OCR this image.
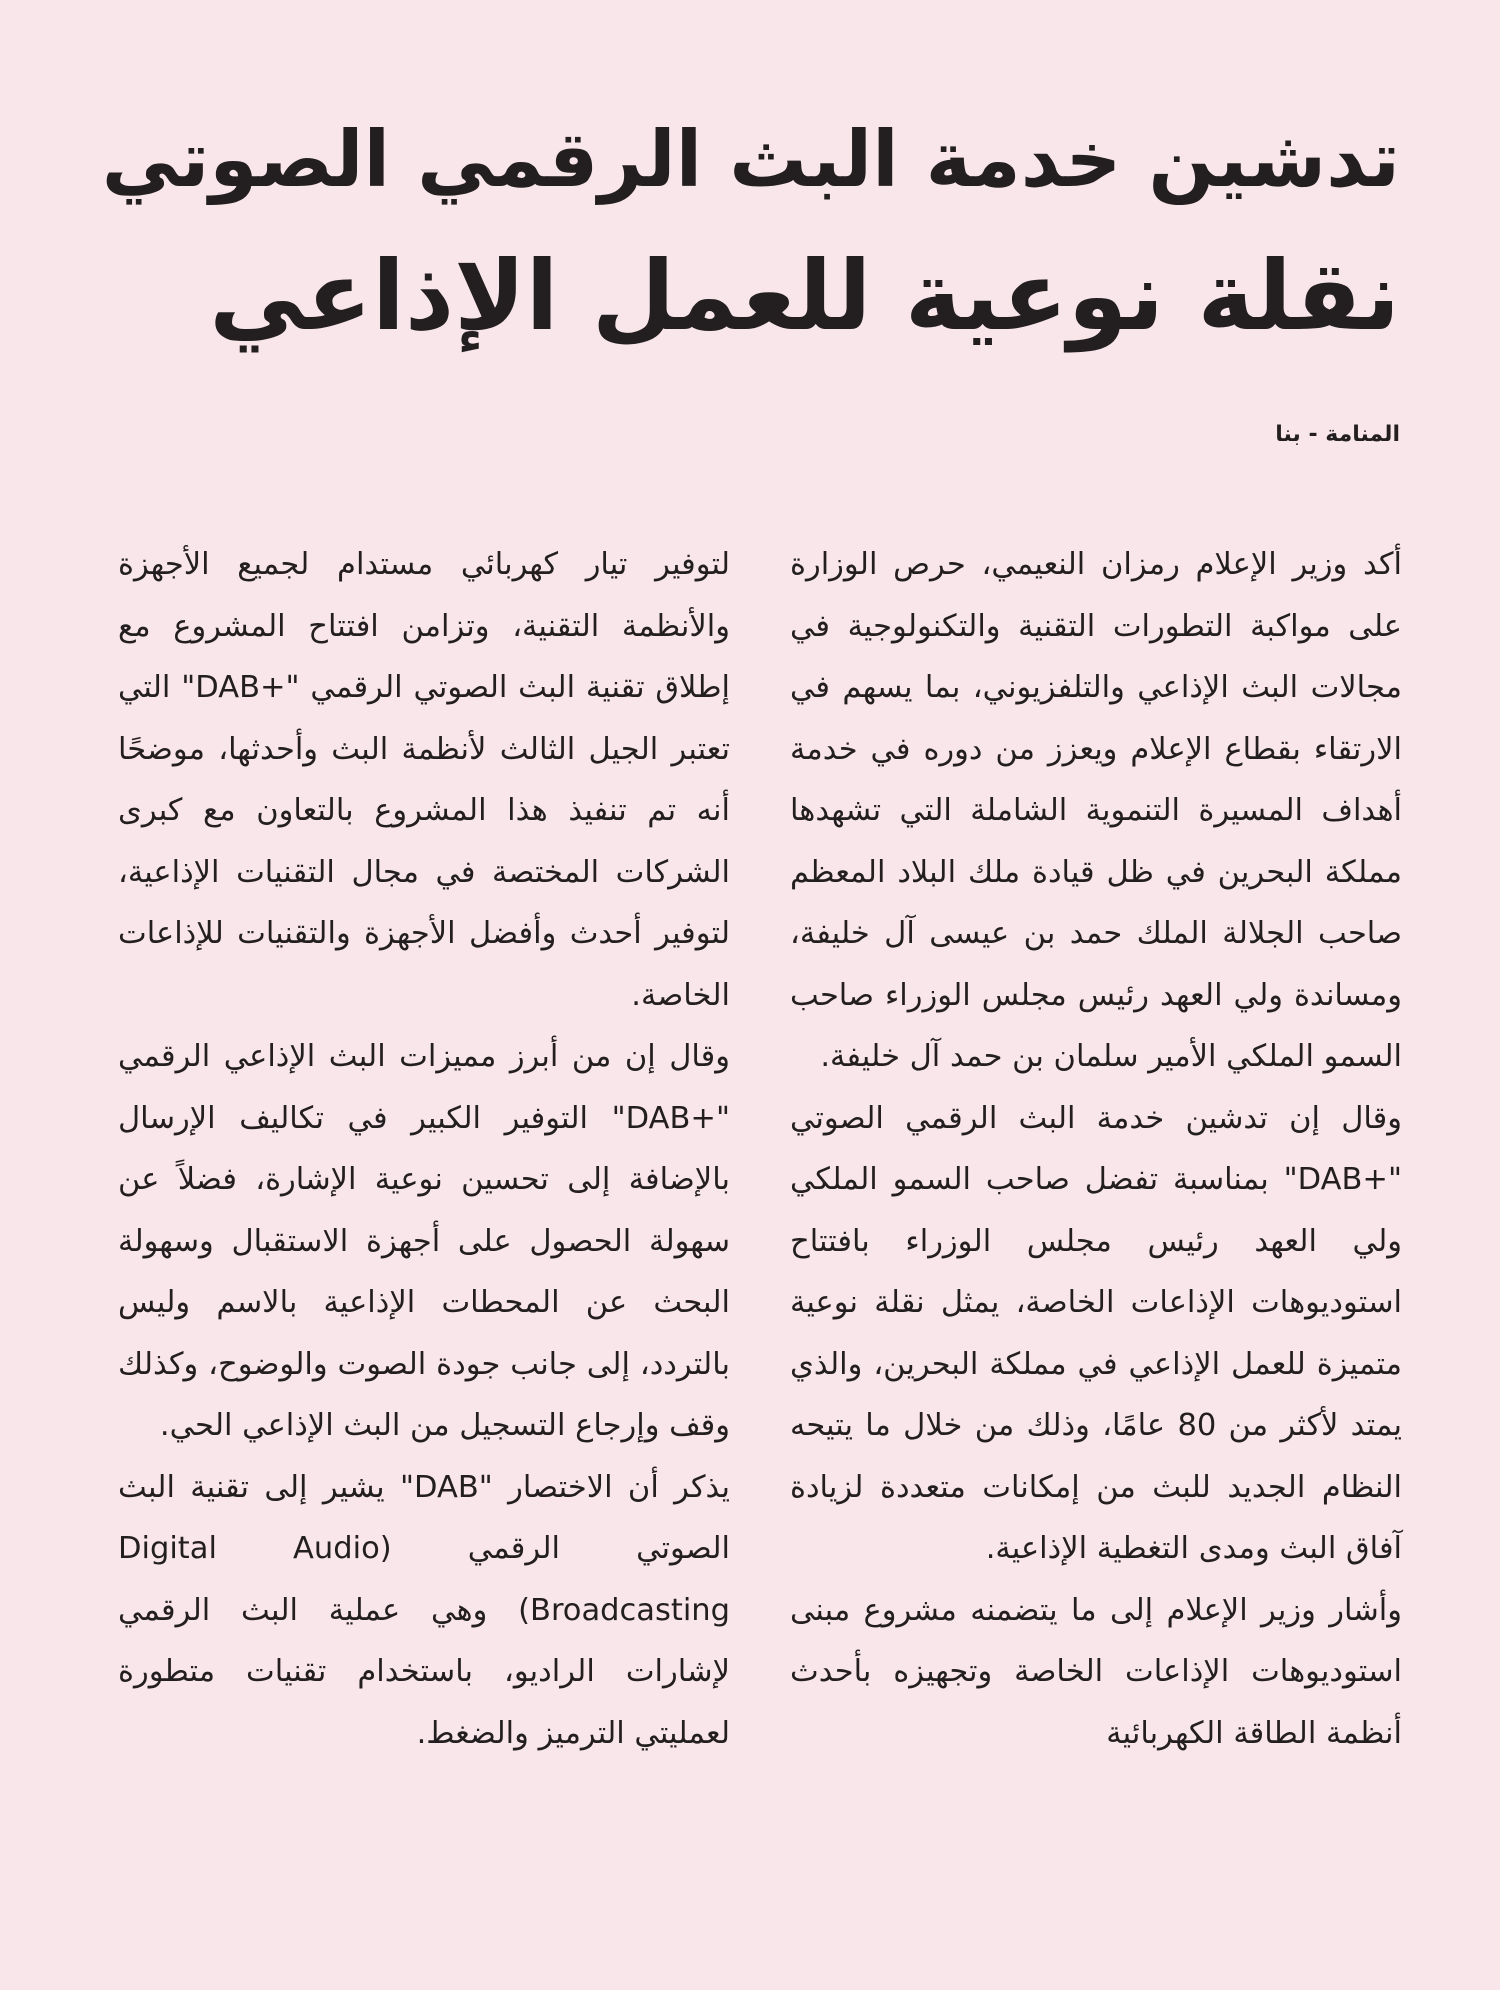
تدشين خدمة البث الرقمي الصوتي
نقلة نوعية للعمل الإذاعي
المنامة - بنا

أكد وزير الإعلام رمزان النعيمي، حرص الوزارة على مواكبة التطورات التقنية والتكنولوجية في مجالات البث الإذاعي والتلفزيوني، بما يسهم في الارتقاء بقطاع الإعلام ويعزز من دوره في خدمة أهداف المسيرة التنموية الشاملة التي تشهدها مملكة البحرين في ظل قيادة ملك البلاد المعظم صاحب الجلالة الملك حمد بن عيسى آل خليفة، ومساندة ولي العهد رئيس مجلس الوزراء صاحب السمو الملكي الأمير سلمان بن حمد آل خليفة.

وقال إن تدشين خدمة البث الرقمي الصوتي "+DAB" بمناسبة تفضل صاحب السمو الملكي ولي العهد رئيس مجلس الوزراء بافتتاح استوديوهات الإذاعات الخاصة، يمثل نقلة نوعية متميزة للعمل الإذاعي في مملكة البحرين، والذي يمتد لأكثر من 80 عامًا، وذلك من خلال ما يتيحه النظام الجديد للبث من إمكانات متعددة لزيادة آفاق البث ومدى التغطية الإذاعية.

وأشار وزير الإعلام إلى ما يتضمنه مشروع مبنى استوديوهات الإذاعات الخاصة وتجهيزه بأحدث أنظمة الطاقة الكهربائية

لتوفير تيار كهربائي مستدام لجميع الأجهزة والأنظمة التقنية، وتزامن افتتاح المشروع مع إطلاق تقنية البث الصوتي الرقمي "+DAB" التي تعتبر الجيل الثالث لأنظمة البث وأحدثها، موضحًا أنه تم تنفيذ هذا المشروع بالتعاون مع كبرى الشركات المختصة في مجال التقنيات الإذاعية، لتوفير أحدث وأفضل الأجهزة والتقنيات للإذاعات الخاصة.

وقال إن من أبرز مميزات البث الإذاعي الرقمي "+DAB" التوفير الكبير في تكاليف الإرسال بالإضافة إلى تحسين نوعية الإشارة، فضلاً عن سهولة الحصول على أجهزة الاستقبال وسهولة البحث عن المحطات الإذاعية بالاسم وليس بالتردد، إلى جانب جودة الصوت والوضوح، وكذلك وقف وإرجاع التسجيل من البث الإذاعي الحي.

يذكر أن الاختصار "DAB" يشير إلى تقنية البث الصوتي الرقمي (Digital Audio Broadcasting) وهي عملية البث الرقمي لإشارات الراديو، باستخدام تقنيات متطورة لعمليتي الترميز والضغط.
